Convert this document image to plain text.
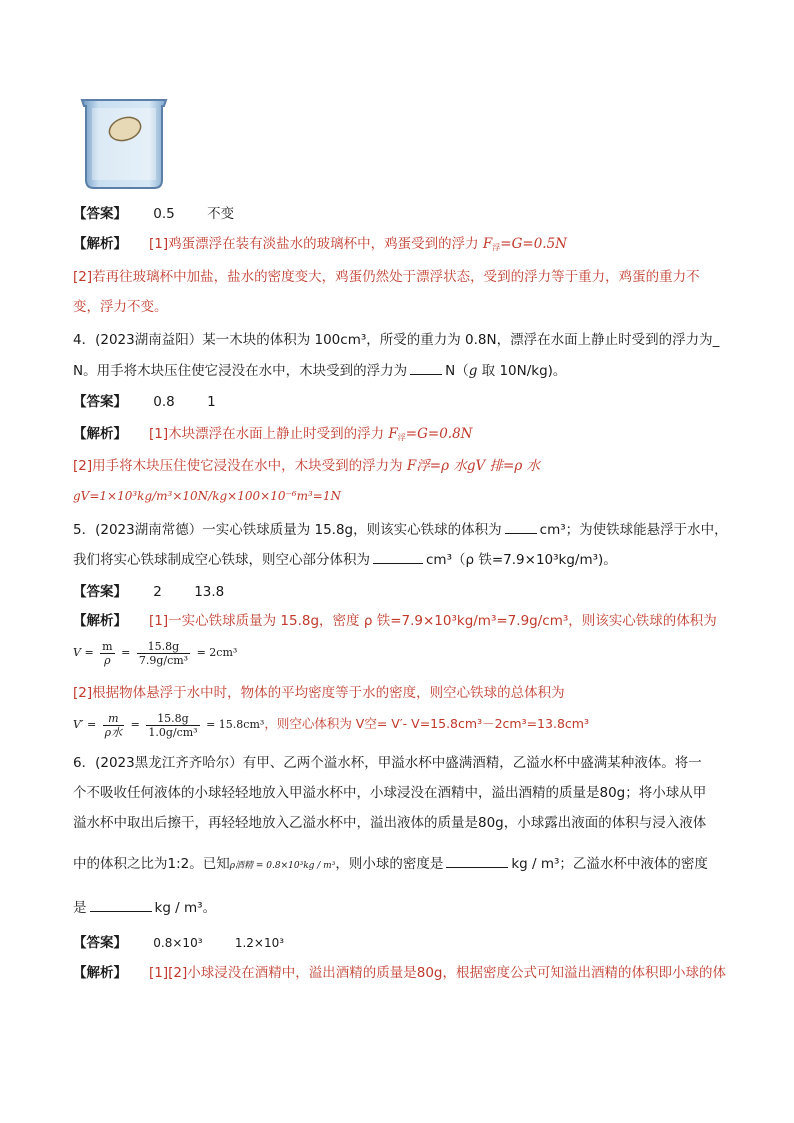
【答案】 0.5 不变
【解析】 [1]鸡蛋漂浮在装有淡盐水的玻璃杯中，鸡蛋受到的浮力 $F_浮=G=0.5N$
[2]若再往玻璃杯中加盐，盐水的密度变大，鸡蛋仍然处于漂浮状态，受到的浮力等于重力，鸡蛋的重力不
变，浮力不变。
4．(2023湖南益阳）某一木块的体积为 100cm³，所受的重力为 0.8N，漂浮在水面上静止时受到的浮力为_
N。用手将木块压住使它浸没在水中，木块受到的浮力为	N（g 取 10N/kg)。
【答案】 0.8 1
【解析】 [1]木块漂浮在水面上静止时受到的浮力 $F_浮=G=0.8N$
[2]用手将木块压住使它浸没在水中，木块受到的浮力为 F浮=ρ 水gV 排=ρ 水
gV=1×10³kg/m³×10N/kg×100×10⁻⁶m³=1N
5．(2023湖南常德）一实心铁球质量为 15.8g，则该实心铁球的体积为	cm³；为使铁球能悬浮于水中，
我们将实心铁球制成空心铁球，则空心部分体积为	cm³（ρ 铁=7.9×10³kg/m³)。
【答案】 2 13.8
【解析】 [1]一实心铁球质量为 15.8g，密度 ρ 铁=7.9×10³kg/m³=7.9g/cm³，则该实心铁球的体积为
$V = \frac{m}{\rho} = \frac{15.8g}{\text{7.9g/cm³}} = 2cm^3$
[2]根据物体悬浮于水中时，物体的平均密度等于水的密度，则空心铁球的总体积为
$V' = \frac{m}{\text{ρ水}} = \frac{15.8g}{\text{1.0g/cm³}} = 15.8cm^3$，则空心体积为 V空= V′- V=15.8cm³－2cm³=13.8cm³
6．(2023黑龙江齐齐哈尔）有甲、乙两个溢水杯，甲溢水杯中盛满酒精，乙溢水杯中盛满某种液体。将一
个不吸收任何液体的小球轻轻地放入甲溢水杯中，小球浸没在酒精中，溢出酒精的质量是80g；将小球从甲
溢水杯中取出后擦干，再轻轻地放入乙溢水杯中，溢出液体的质量是80g，小球露出液面的体积与浸入液体
中的体积之比为1:2。已知ρ酒精 = 0.8×10³kg / m³，则小球的密度是	kg / m³；乙溢水杯中液体的密度
是	kg / m³。
【答案】 0.8×10³	1.2×10³
【解析】 [1][2]小球浸没在酒精中，溢出酒精的质量是80g，根据密度公式可知溢出酒精的体积即小球的体
